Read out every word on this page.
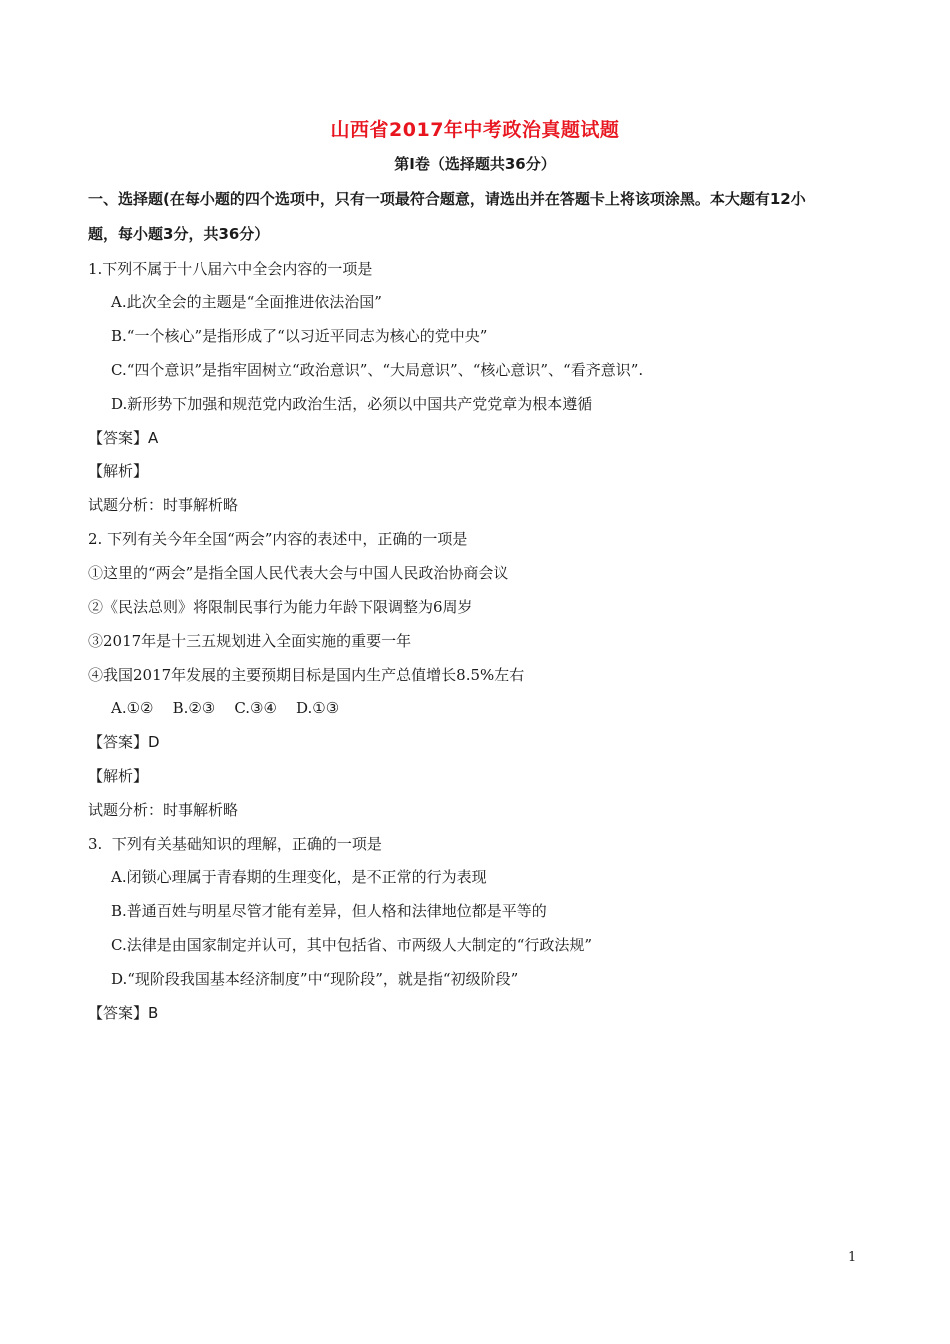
山西省2017年中考政治真题试题
第Ⅰ卷（选择题共36分）
一、选择题(在每小题的四个选项中，只有一项最符合题意，请选出并在答题卡上将该项涂黑。本大题有12小
题，每小题3分，共36分）
1.下列不属于十八届六中全会内容的一项是
A.此次全会的主题是“全面推进依法治国”
B.“一个核心”是指形成了“以习近平同志为核心的党中央”
C.“四个意识”是指牢固树立“政治意识”、“大局意识”、“核心意识”、“看齐意识”.
D.新形势下加强和规范党内政治生活，必须以中国共产党党章为根本遵循
【答案】A
【解析】
试题分析：时事解析略
2. 下列有关今年全国“两会”内容的表述中，正确的一项是
①这里的“两会”是指全国人民代表大会与中国人民政治协商会议
②《民法总则》将限制民事行为能力年龄下限调整为6周岁
③2017年是十三五规划进入全面实施的重要一年
④我国2017年发展的主要预期目标是国内生产总值增长8.5%左右
A.①②    B.②③    C.③④    D.①③
【答案】D
【解析】
试题分析：时事解析略
3.  下列有关基础知识的理解，正确的一项是
A.闭锁心理属于青春期的生理变化，是不正常的行为表现
B.普通百姓与明星尽管才能有差异，但人格和法律地位都是平等的
C.法律是由国家制定并认可，其中包括省、市两级人大制定的“行政法规”
D.“现阶段我国基本经济制度”中“现阶段”，就是指“初级阶段”
【答案】B
1
